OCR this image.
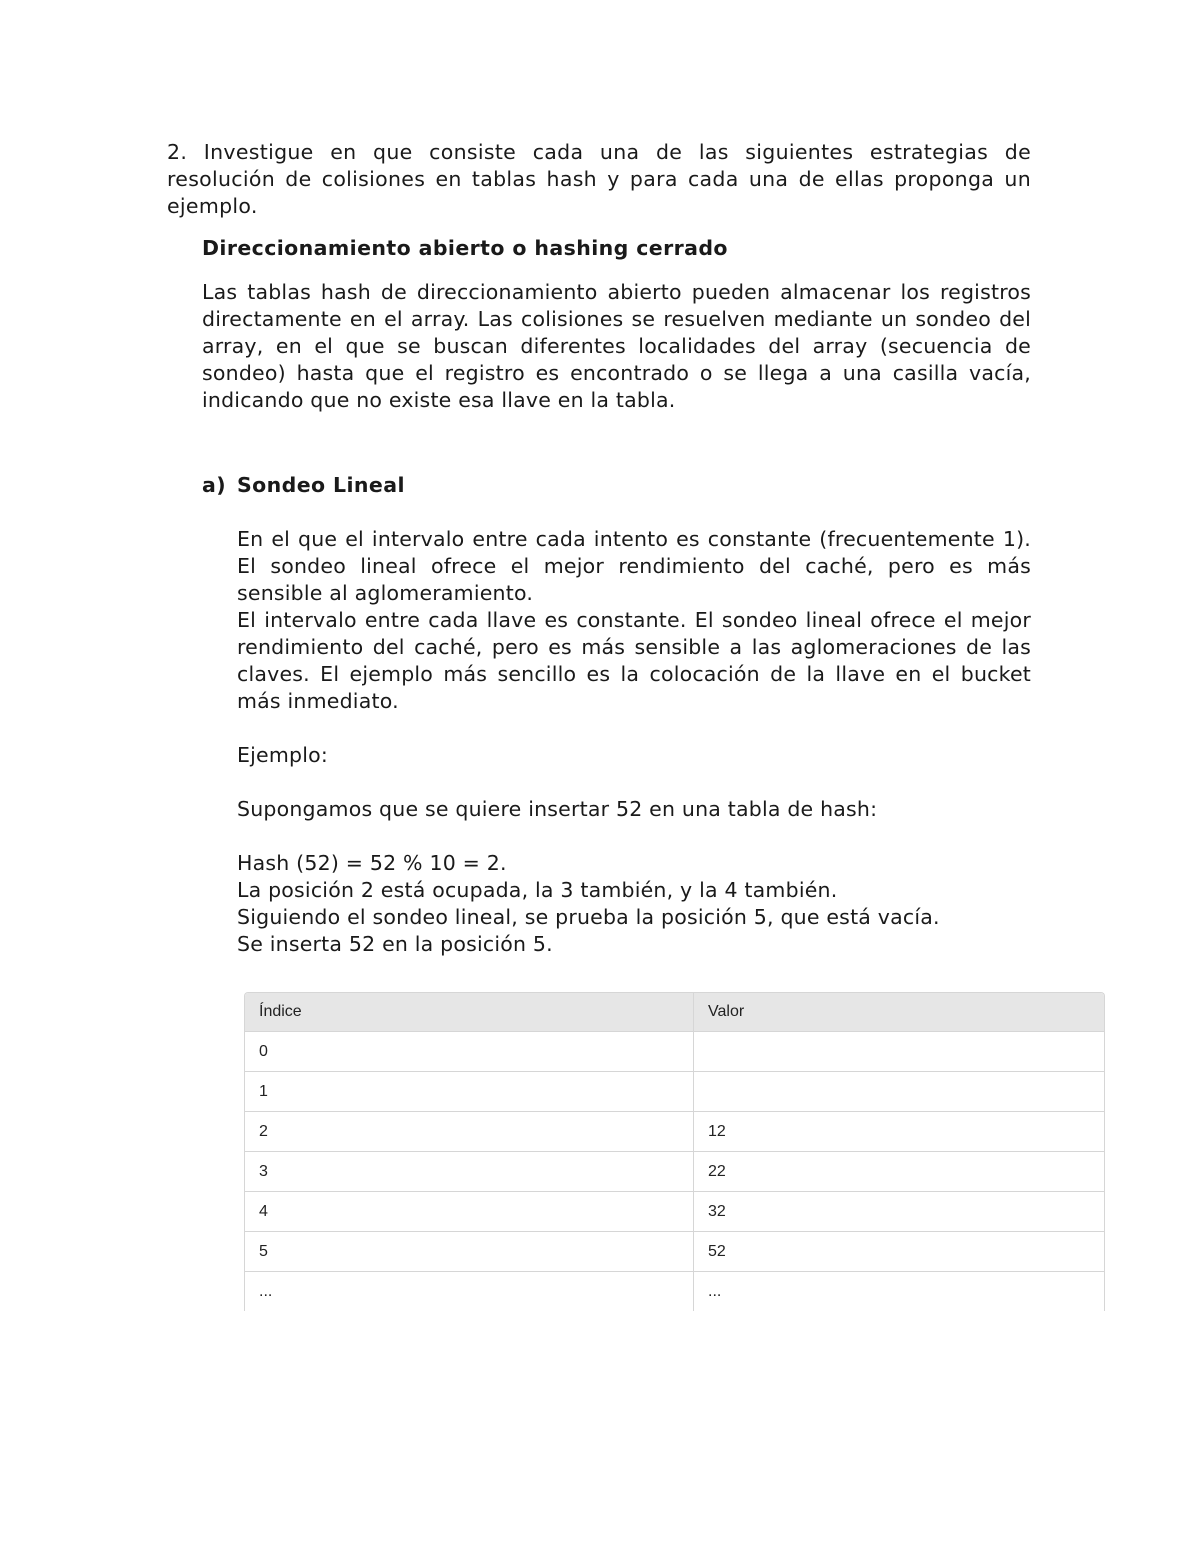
2. Investigue en que consiste cada una de las siguientes estrategias de resolución de colisiones en tablas hash y para cada una de ellas proponga un ejemplo.
Direccionamiento abierto o hashing cerrado
Las tablas hash de direccionamiento abierto pueden almacenar los registros directamente en el array. Las colisiones se resuelven mediante un sondeo del array, en el que se buscan diferentes localidades del array (secuencia de sondeo) hasta que el registro es encontrado o se llega a una casilla vacía, indicando que no existe esa llave en la tabla.
a) Sondeo Lineal
En el que el intervalo entre cada intento es constante (frecuentemente 1). El sondeo lineal ofrece el mejor rendimiento del caché, pero es más sensible al aglomeramiento.
El intervalo entre cada llave es constante. El sondeo lineal ofrece el mejor rendimiento del caché, pero es más sensible a las aglomeraciones de las claves. El ejemplo más sencillo es la colocación de la llave en el bucket más inmediato.
Ejemplo:
Supongamos que se quiere insertar 52 en una tabla de hash:
Hash (52) = 52 % 10 = 2.
La posición 2 está ocupada, la 3 también, y la 4 también.
Siguiendo el sondeo lineal, se prueba la posición 5, que está vacía.
Se inserta 52 en la posición 5.
Índice	Valor
0	
1	
2	12
3	22
4	32
5	52
...	...
